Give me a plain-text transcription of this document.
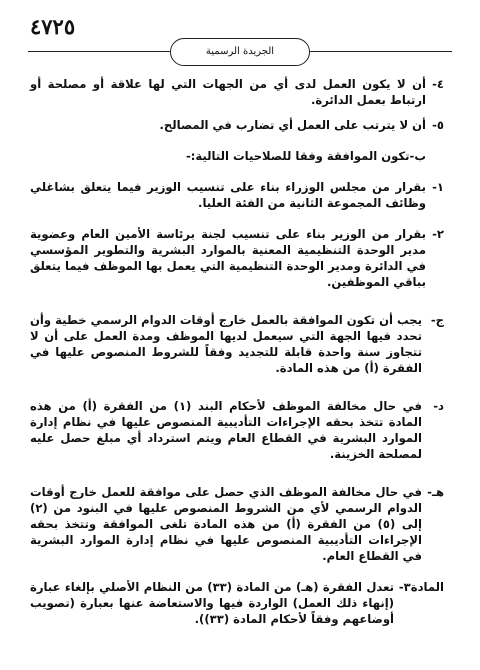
٤٧٢٥
الجريدة الرسمية

٤-
أن لا يكون العمل لدى أي من الجهات التي لها علاقة أو مصلحة أو ارتباط بعمل الدائرة.

٥-
أن لا يترتب على العمل أي تضارب في المصالح.

ب-تكون الموافقة وفقا للصلاحيات التالية:-

١-
بقرار من مجلس الوزراء بناء على تنسيب الوزير فيما يتعلق بشاغلي وظائف المجموعة الثانية من الفئة العليا.

٢-
بقرار من الوزير بناء على تنسيب لجنة برئاسة الأمين العام وعضوية مدير الوحدة التنظيمية المعنية بالموارد البشرية والتطوير المؤسسي في الدائرة ومدير الوحدة التنظيمية التي يعمل بها الموظف فيما يتعلق بباقي الموظفين.

ج-
يجب أن تكون الموافقة بالعمل خارج أوقات الدوام الرسمي خطية وأن تحدد فيها الجهة التي سيعمل لديها الموظف ومدة العمل على أن لا تتجاوز سنة واحدة قابلة للتجديد وفقاً للشروط المنصوص عليها في الفقرة (أ) من هذه المادة.

د-
في حال مخالفة الموظف لأحكام البند (١) من الفقرة (أ) من هذه المادة تتخذ بحقه الإجراءات التأديبية المنصوص عليها في نظام إدارة الموارد البشرية في القطاع العام ويتم استرداد أي مبلغ حصل عليه لمصلحة الخزينة.

هـ-
في حال مخالفة الموظف الذي حصل على موافقة للعمل خارج أوقات الدوام الرسمي لأي من الشروط المنصوص عليها في البنود من (٢) إلى (٥) من الفقرة (أ) من هذه المادة تلغى الموافقة وتتخذ بحقه الإجراءات التأديبية المنصوص عليها في نظام إدارة الموارد البشرية في القطاع العام.

المادة٣-
تعدل الفقرة (هـ) من المادة (٣٣) من النظام الأصلي بإلغاء عبارة (إنهاء ذلك العمل) الواردة فيها والاستعاضة عنها بعبارة (تصويب أوضاعهم وفقاً لأحكام المادة (٣٣)).
